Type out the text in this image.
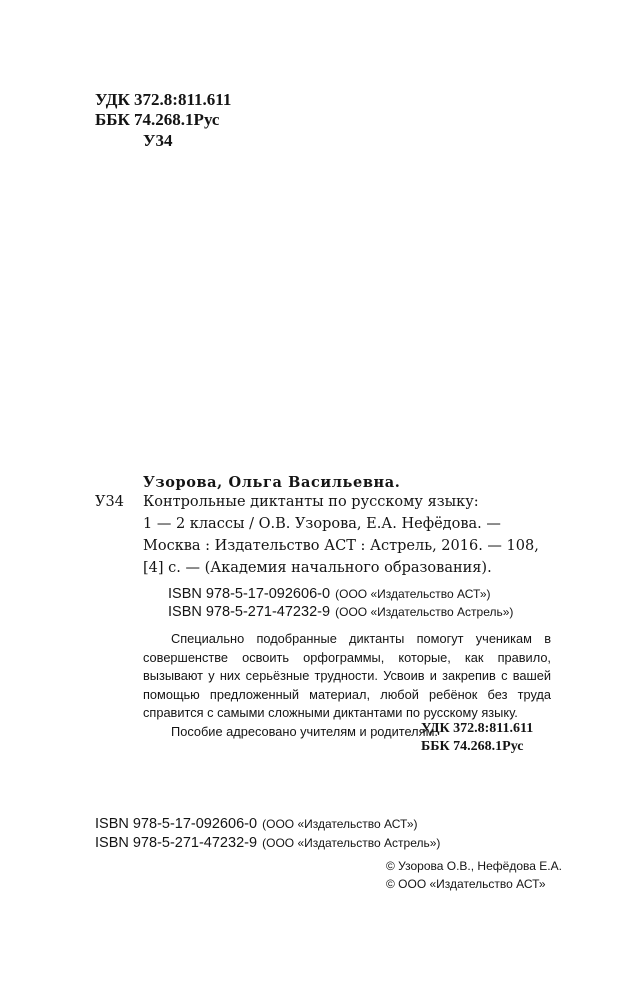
УДК 372.8:811.611
ББК 74.268.1Рус
У34
Узорова, Ольга Васильевна.
У34 Контрольные диктанты по русскому языку:
1 — 2 классы / О.В. Узорова, Е.А. Нефёдова. —
Москва : Издательство АСТ : Астрель, 2016. — 108,
[4] с. — (Академия начального образования).
ISBN 978-5-17-092606-0 (ООО «Издательство АСТ»)
ISBN 978-5-271-47232-9 (ООО «Издательство Астрель»)

Специально подобранные диктанты помогут ученикам в совершенстве освоить орфограммы, которые, как правило, вызывают у них серьёзные трудности. Усвоив и закрепив с вашей помощью предложенный материал, любой ребёнок без труда справится с самыми сложными диктантами по русскому языку.

Пособие адресовано учителям и родителям.

УДК 372.8:811.611
ББК 74.268.1Рус
ISBN 978-5-17-092606-0 (ООО «Издательство АСТ»)
ISBN 978-5-271-47232-9 (ООО «Издательство Астрель»)
© Узорова О.В., Нефёдова Е.А.
© ООО «Издательство АСТ»
